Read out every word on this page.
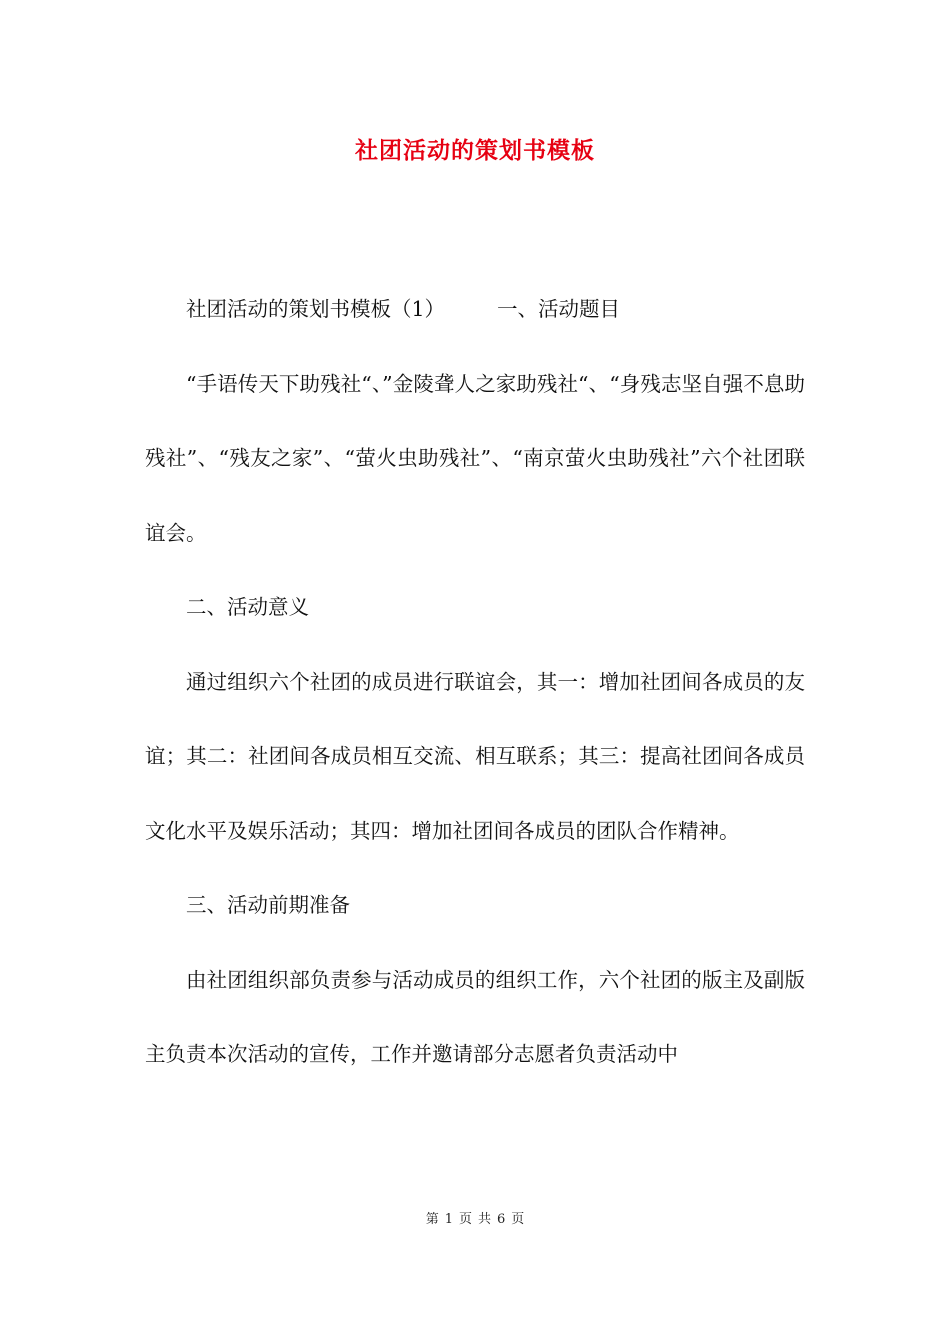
社团活动的策划书模板

社团活动的策划书模板（1）	一、活动题目

“手语传天下助残社“、”金陵聋人之家助残社“、“身残志坚自强不息助残社”、“残友之家”、“萤火虫助残社”、“南京萤火虫助残社”六个社团联谊会。

二、活动意义

通过组织六个社团的成员进行联谊会，其一：增加社团间各成员的友谊；其二：社团间各成员相互交流、相互联系；其三：提高社团间各成员文化水平及娱乐活动；其四：增加社团间各成员的团队合作精神。

三、活动前期准备

由社团组织部负责参与活动成员的组织工作，六个社团的版主及副版主负责本次活动的宣传，工作并邀请部分志愿者负责活动中

第 1 页 共 6 页
